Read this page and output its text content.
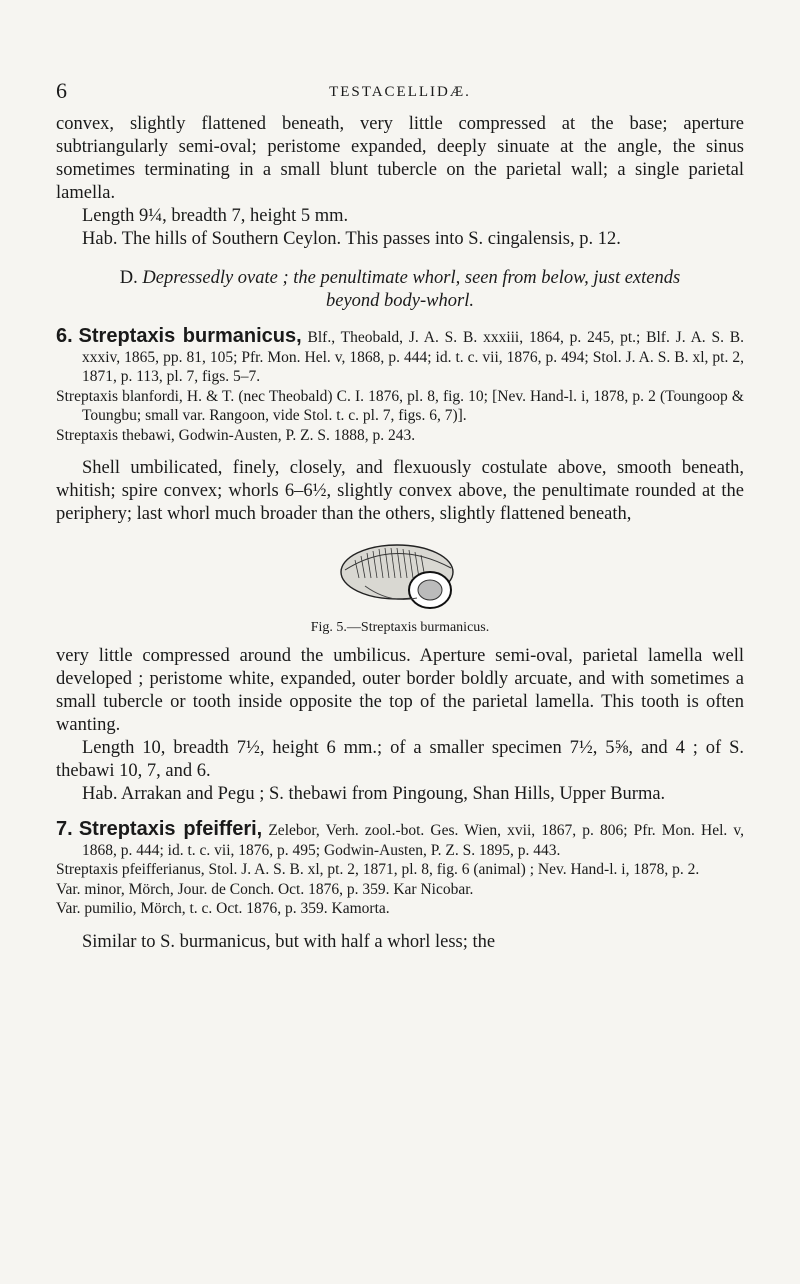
6	TESTACELLIDÆ.

convex, slightly flattened beneath, very little compressed at the base; aperture subtriangularly semi-oval; peristome expanded, deeply sinuate at the angle, the sinus sometimes terminating in a small blunt tubercle on the parietal wall; a single parietal lamella.

Length 9¼, breadth 7, height 5 mm.

Hab. The hills of Southern Ceylon. This passes into S. cingalensis, p. 12.

D. Depressedly ovate ; the penultimate whorl, seen from below, just extends beyond body-whorl.

6. Streptaxis burmanicus, Blf., Theobald, J. A. S. B. xxxiii, 1864, p. 245, pt.; Blf. J. A. S. B. xxxiv, 1865, pp. 81, 105; Pfr. Mon. Hel. v, 1868, p. 444; id. t. c. vii, 1876, p. 494; Stol. J. A. S. B. xl, pt. 2, 1871, p. 113, pl. 7, figs. 5–7.

Streptaxis blanfordi, H. & T. (nec Theobald) C. I. 1876, pl. 8, fig. 10; [Nev. Hand-l. i, 1878, p. 2 (Toungoop & Toungbu; small var. Rangoon, vide Stol. t. c. pl. 7, figs. 6, 7)].

Streptaxis thebawi, Godwin-Austen, P. Z. S. 1888, p. 243.

Shell umbilicated, finely, closely, and flexuously costulate above, smooth beneath, whitish; spire convex; whorls 6–6½, slightly convex above, the penultimate rounded at the periphery; last whorl much broader than the others, slightly flattened beneath,

Fig. 5.—Streptaxis burmanicus.

very little compressed around the umbilicus. Aperture semi-oval, parietal lamella well developed ; peristome white, expanded, outer border boldly arcuate, and with sometimes a small tubercle or tooth inside opposite the top of the parietal lamella. This tooth is often wanting.

Length 10, breadth 7½, height 6 mm.; of a smaller specimen 7½, 5⅝, and 4 ; of S. thebawi 10, 7, and 6.

Hab. Arrakan and Pegu ; S. thebawi from Pingoung, Shan Hills, Upper Burma.

7. Streptaxis pfeifferi, Zelebor, Verh. zool.-bot. Ges. Wien, xvii, 1867, p. 806; Pfr. Mon. Hel. v, 1868, p. 444; id. t. c. vii, 1876, p. 495; Godwin-Austen, P. Z. S. 1895, p. 443.

Streptaxis pfeifferianus, Stol. J. A. S. B. xl, pt. 2, 1871, pl. 8, fig. 6 (animal) ; Nev. Hand-l. i, 1878, p. 2.

Var. minor, Mörch, Jour. de Conch. Oct. 1876, p. 359. Kar Nicobar.

Var. pumilio, Mörch, t. c. Oct. 1876, p. 359. Kamorta.

Similar to S. burmanicus, but with half a whorl less; the
